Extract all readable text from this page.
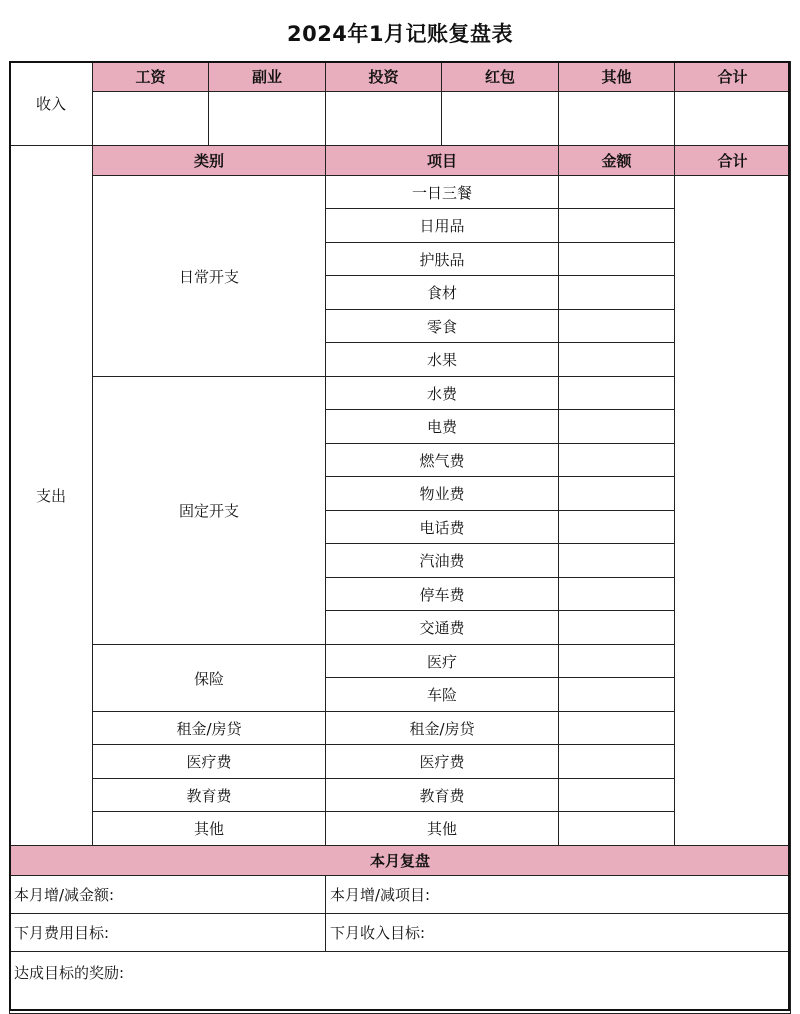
2024年1月记账复盘表
收入	工资	副业	投资	红包	其他	合计

支出	类别		项目		金额	合计
	日常开支		一日三餐			
			日用品			
			护肤品			
			食材			
			零食			
			水果			
	固定开支		水费			
			电费			
			燃气费			
			物业费			
			电话费			
			汽油费			
			停车费			
			交通费			
	保险		医疗			
			车险			
	租金/房贷		租金/房贷			
	医疗费		医疗费			
	教育费		教育费			
	其他		其他			
本月复盘						
本月增/减金额:			本月增/减项目:			
下月费用目标:			下月收入目标:			
达成目标的奖励:						
